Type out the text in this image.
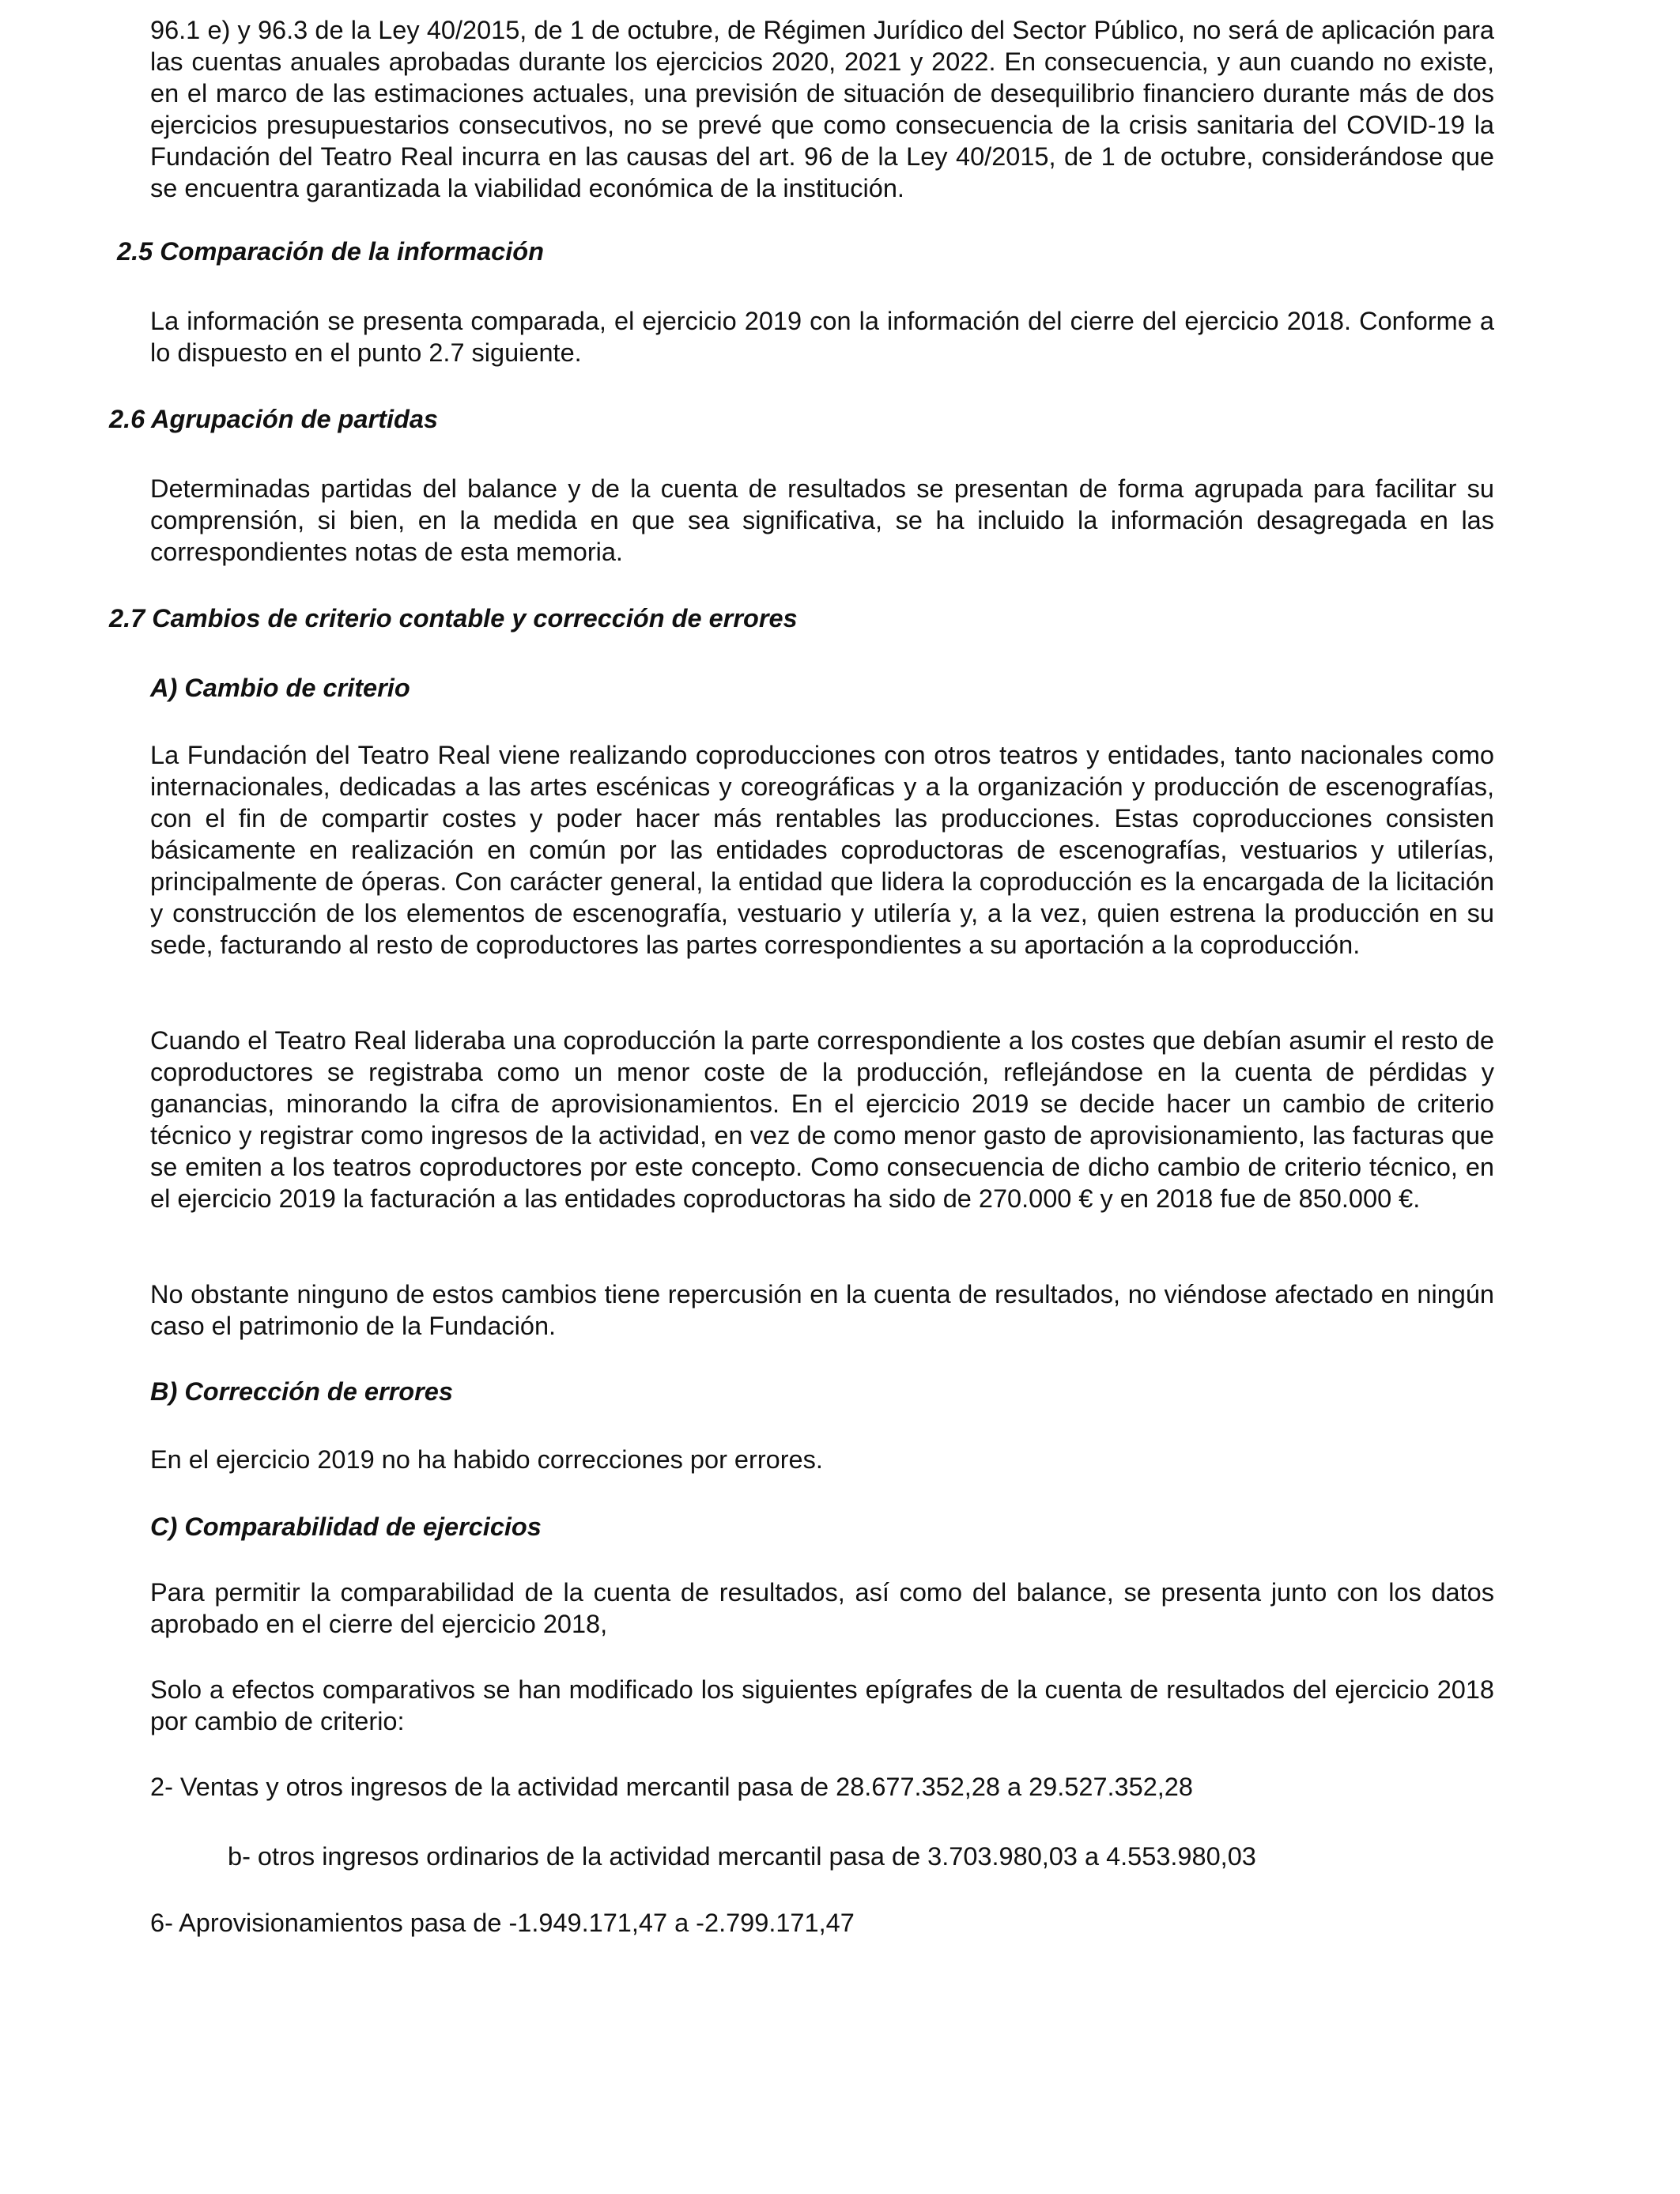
96.1 e) y 96.3 de la Ley 40/2015, de 1 de octubre, de Régimen Jurídico del Sector Público, no será de aplicación para las cuentas anuales aprobadas durante los ejercicios 2020, 2021 y 2022. En consecuencia, y aun cuando no existe, en el marco de las estimaciones actuales, una previsión de situación de desequilibrio financiero durante más de dos ejercicios presupuestarios consecutivos, no se prevé que como consecuencia de la crisis sanitaria del COVID-19 la Fundación del Teatro Real incurra en las causas del art. 96 de la Ley 40/2015, de 1 de octubre, considerándose que se encuentra garantizada la viabilidad económica de la institución.

2.5 Comparación de la información

La información se presenta comparada, el ejercicio 2019 con la información del cierre del ejercicio 2018. Conforme a lo dispuesto en el punto 2.7 siguiente.

2.6 Agrupación de partidas

Determinadas partidas del balance y de la cuenta de resultados se presentan de forma agrupada para facilitar su comprensión, si bien, en la medida en que sea significativa, se ha incluido la información desagregada en las correspondientes notas de esta memoria.

2.7 Cambios de criterio contable y corrección de errores
A) Cambio de criterio

La Fundación del Teatro Real viene realizando coproducciones con otros teatros y entidades, tanto nacionales como internacionales, dedicadas a las artes escénicas y coreográficas y a la organización y producción de escenografías, con el fin de compartir costes y poder hacer más rentables las producciones. Estas coproducciones consisten básicamente en realización en común por las entidades coproductoras de escenografías, vestuarios y utilerías, principalmente de óperas. Con carácter general, la entidad que lidera la coproducción es la encargada de la licitación y construcción de los elementos de escenografía, vestuario y utilería y, a la vez, quien estrena la producción en su sede, facturando al resto de coproductores las partes correspondientes a su aportación a la coproducción.

Cuando el Teatro Real lideraba una coproducción la parte correspondiente a los costes que debían asumir el resto de coproductores se registraba como un menor coste de la producción, reflejándose en la cuenta de pérdidas y ganancias, minorando la cifra de aprovisionamientos. En el ejercicio 2019 se decide hacer un cambio de criterio técnico y registrar como ingresos de la actividad, en vez de como menor gasto de aprovisionamiento, las facturas que se emiten a los teatros coproductores por este concepto. Como consecuencia de dicho cambio de criterio técnico, en el ejercicio 2019 la facturación a las entidades coproductoras ha sido de 270.000 € y en 2018 fue de 850.000 €.

No obstante ninguno de estos cambios tiene repercusión en la cuenta de resultados, no viéndose afectado en ningún caso el patrimonio de la Fundación.

B) Corrección de errores

En el ejercicio 2019 no ha habido correcciones por errores.

C) Comparabilidad de ejercicios

Para permitir la comparabilidad de la cuenta de resultados, así como del balance, se presenta junto con los datos aprobado en el cierre del ejercicio 2018,

Solo a efectos comparativos se han modificado los siguientes epígrafes de la cuenta de resultados del ejercicio 2018 por cambio de criterio:

2- Ventas y otros ingresos de la actividad mercantil pasa de 28.677.352,28 a 29.527.352,28

b- otros ingresos ordinarios de la actividad mercantil pasa de 3.703.980,03 a 4.553.980,03

6- Aprovisionamientos pasa de -1.949.171,47 a -2.799.171,47
